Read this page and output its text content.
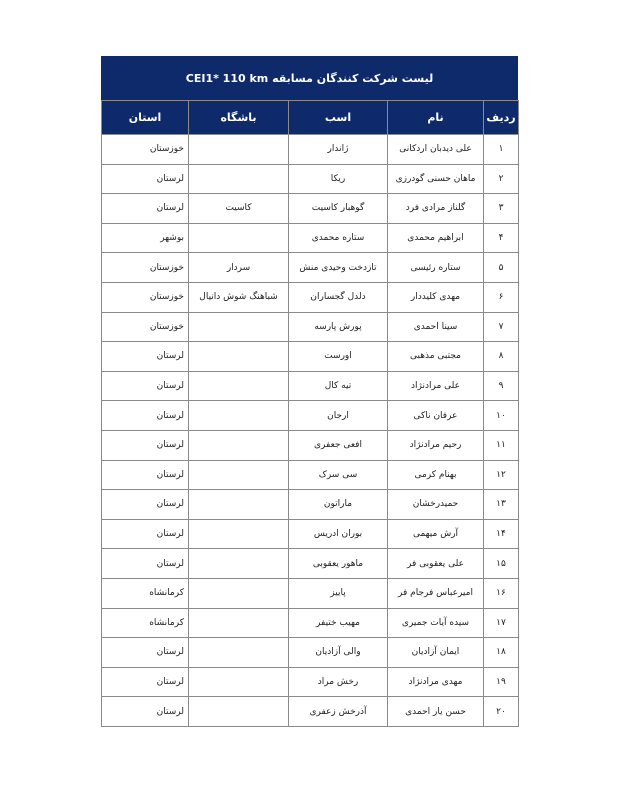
لیست شرکت کنندگان مسابقه CEI1* 110 km
ردیف	نام	اسب	باشگاه	استان
۱	علی دیدبان اردکانی	ژاندار		خوزستان
۲	ماهان حسنی گودرزی	ریکا		لرستان
۳	گلناز مرادی فرد	گوهبار کاسیت	کاسیت	لرستان
۴	ابراهیم محمدی	ستاره محمدی		بوشهر
۵	ستاره رئیسی	تازدخت وحیدی منش	سردار	خوزستان
۶	مهدی کلیددار	دلدل گجساران	شباهنگ شوش دانیال	خوزستان
۷	سینا احمدی	پورش پارسه		خوزستان
۸	مجتبی مذهبی	اورست		لرستان
۹	علی مرادنژاد	تیه کال		لرستان
۱۰	عرفان ناکی	ارجان		لرستان
۱۱	رحیم مرادنژاد	افعی جعفری		لرستان
۱۲	بهنام کرمی	سی سرک		لرستان
۱۳	حمیدرخشان	ماراتون		لرستان
۱۴	آرش میهمی	بوران ادریس		لرستان
۱۵	علی یعقوبی فر	ماهور یعقوبی		لرستان
۱۶	امیرعباس فرجام فر	پاییز		کرمانشاه
۱۷	سیده آیات جمیری	مهیب ختیفر		کرمانشاه
۱۸	ایمان آزادیان	والی آزادیان		لرستان
۱۹	مهدی مرادنژاد	رخش مراد		لرستان
۲۰	حسن یار احمدی	آذرخش زعفری		لرستان
